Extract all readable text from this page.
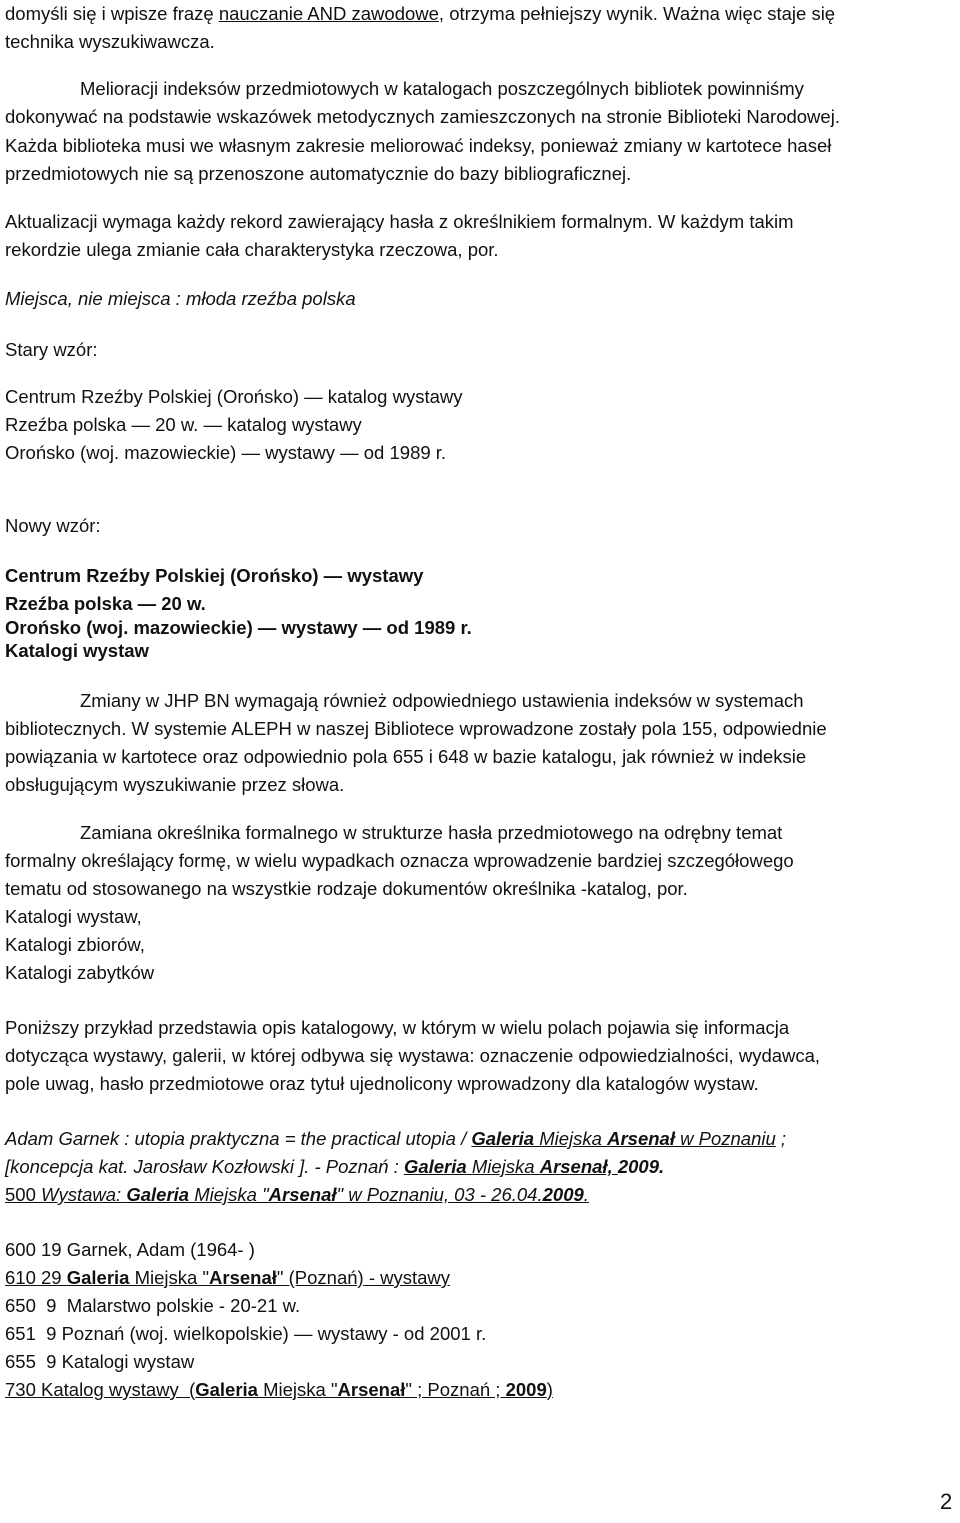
domyśli się i wpisze frazę nauczanie AND zawodowe, otrzyma pełniejszy wynik. Ważna więc staje się
technika wyszukiwawcza.
Melioracji indeksów przedmiotowych w katalogach poszczególnych bibliotek powinniśmy
dokonywać na podstawie wskazówek metodycznych zamieszczonych na stronie Biblioteki Narodowej.
Każda biblioteka musi we własnym zakresie meliorować indeksy, ponieważ zmiany w kartotece haseł
przedmiotowych nie są przenoszone automatycznie do bazy bibliograficznej.
Aktualizacji wymaga każdy rekord zawierający hasła z określnikiem formalnym. W każdym takim
rekordzie ulega zmianie cała charakterystyka rzeczowa, por.
Miejsca, nie miejsca : młoda rzeźba polska
Stary wzór:
Centrum Rzeźby Polskiej (Orońsko) — katalog wystawy
Rzeźba polska — 20 w. — katalog wystawy
Orońsko (woj. mazowieckie) — wystawy — od 1989 r.
Nowy wzór:
Centrum Rzeźby Polskiej (Orońsko) — wystawy
Rzeźba polska — 20 w.
Orońsko (woj. mazowieckie) — wystawy — od 1989 r.
Katalogi wystaw
Zmiany w JHP BN wymagają również odpowiedniego ustawienia indeksów w systemach
bibliotecznych. W systemie ALEPH w naszej Bibliotece wprowadzone zostały pola 155, odpowiednie
powiązania w kartotece oraz odpowiednio pola 655 i 648 w bazie katalogu, jak również w indeksie
obsługującym wyszukiwanie przez słowa.
Zamiana określnika formalnego w strukturze hasła przedmiotowego na odrębny temat
formalny określający formę, w wielu wypadkach oznacza wprowadzenie bardziej szczegółowego
tematu od stosowanego na wszystkie rodzaje dokumentów określnika -katalog, por.
Katalogi wystaw,
Katalogi zbiorów,
Katalogi zabytków
Poniższy przykład przedstawia opis katalogowy, w którym w wielu polach pojawia się informacja
dotycząca wystawy, galerii, w której odbywa się wystawa: oznaczenie odpowiedzialności, wydawca,
pole uwag, hasło przedmiotowe oraz tytuł ujednolicony wprowadzony dla katalogów wystaw.
Adam Garnek : utopia praktyczna = the practical utopia / Galeria Miejska Arsenał w Poznaniu ;
[koncepcja kat. Jarosław Kozłowski ]. - Poznań : Galeria Miejska Arsenał, 2009.
500 Wystawa: Galeria Miejska "Arsenał" w Poznaniu, 03 - 26.04.2009.
600 19 Garnek, Adam (1964- )
610 29 Galeria Miejska "Arsenał" (Poznań) - wystawy
650  9  Malarstwo polskie - 20-21 w.
651  9 Poznań (woj. wielkopolskie) — wystawy - od 2001 r.
655  9 Katalogi wystaw
730 Katalog wystawy  (Galeria Miejska "Arsenał" ; Poznań ; 2009)
2
